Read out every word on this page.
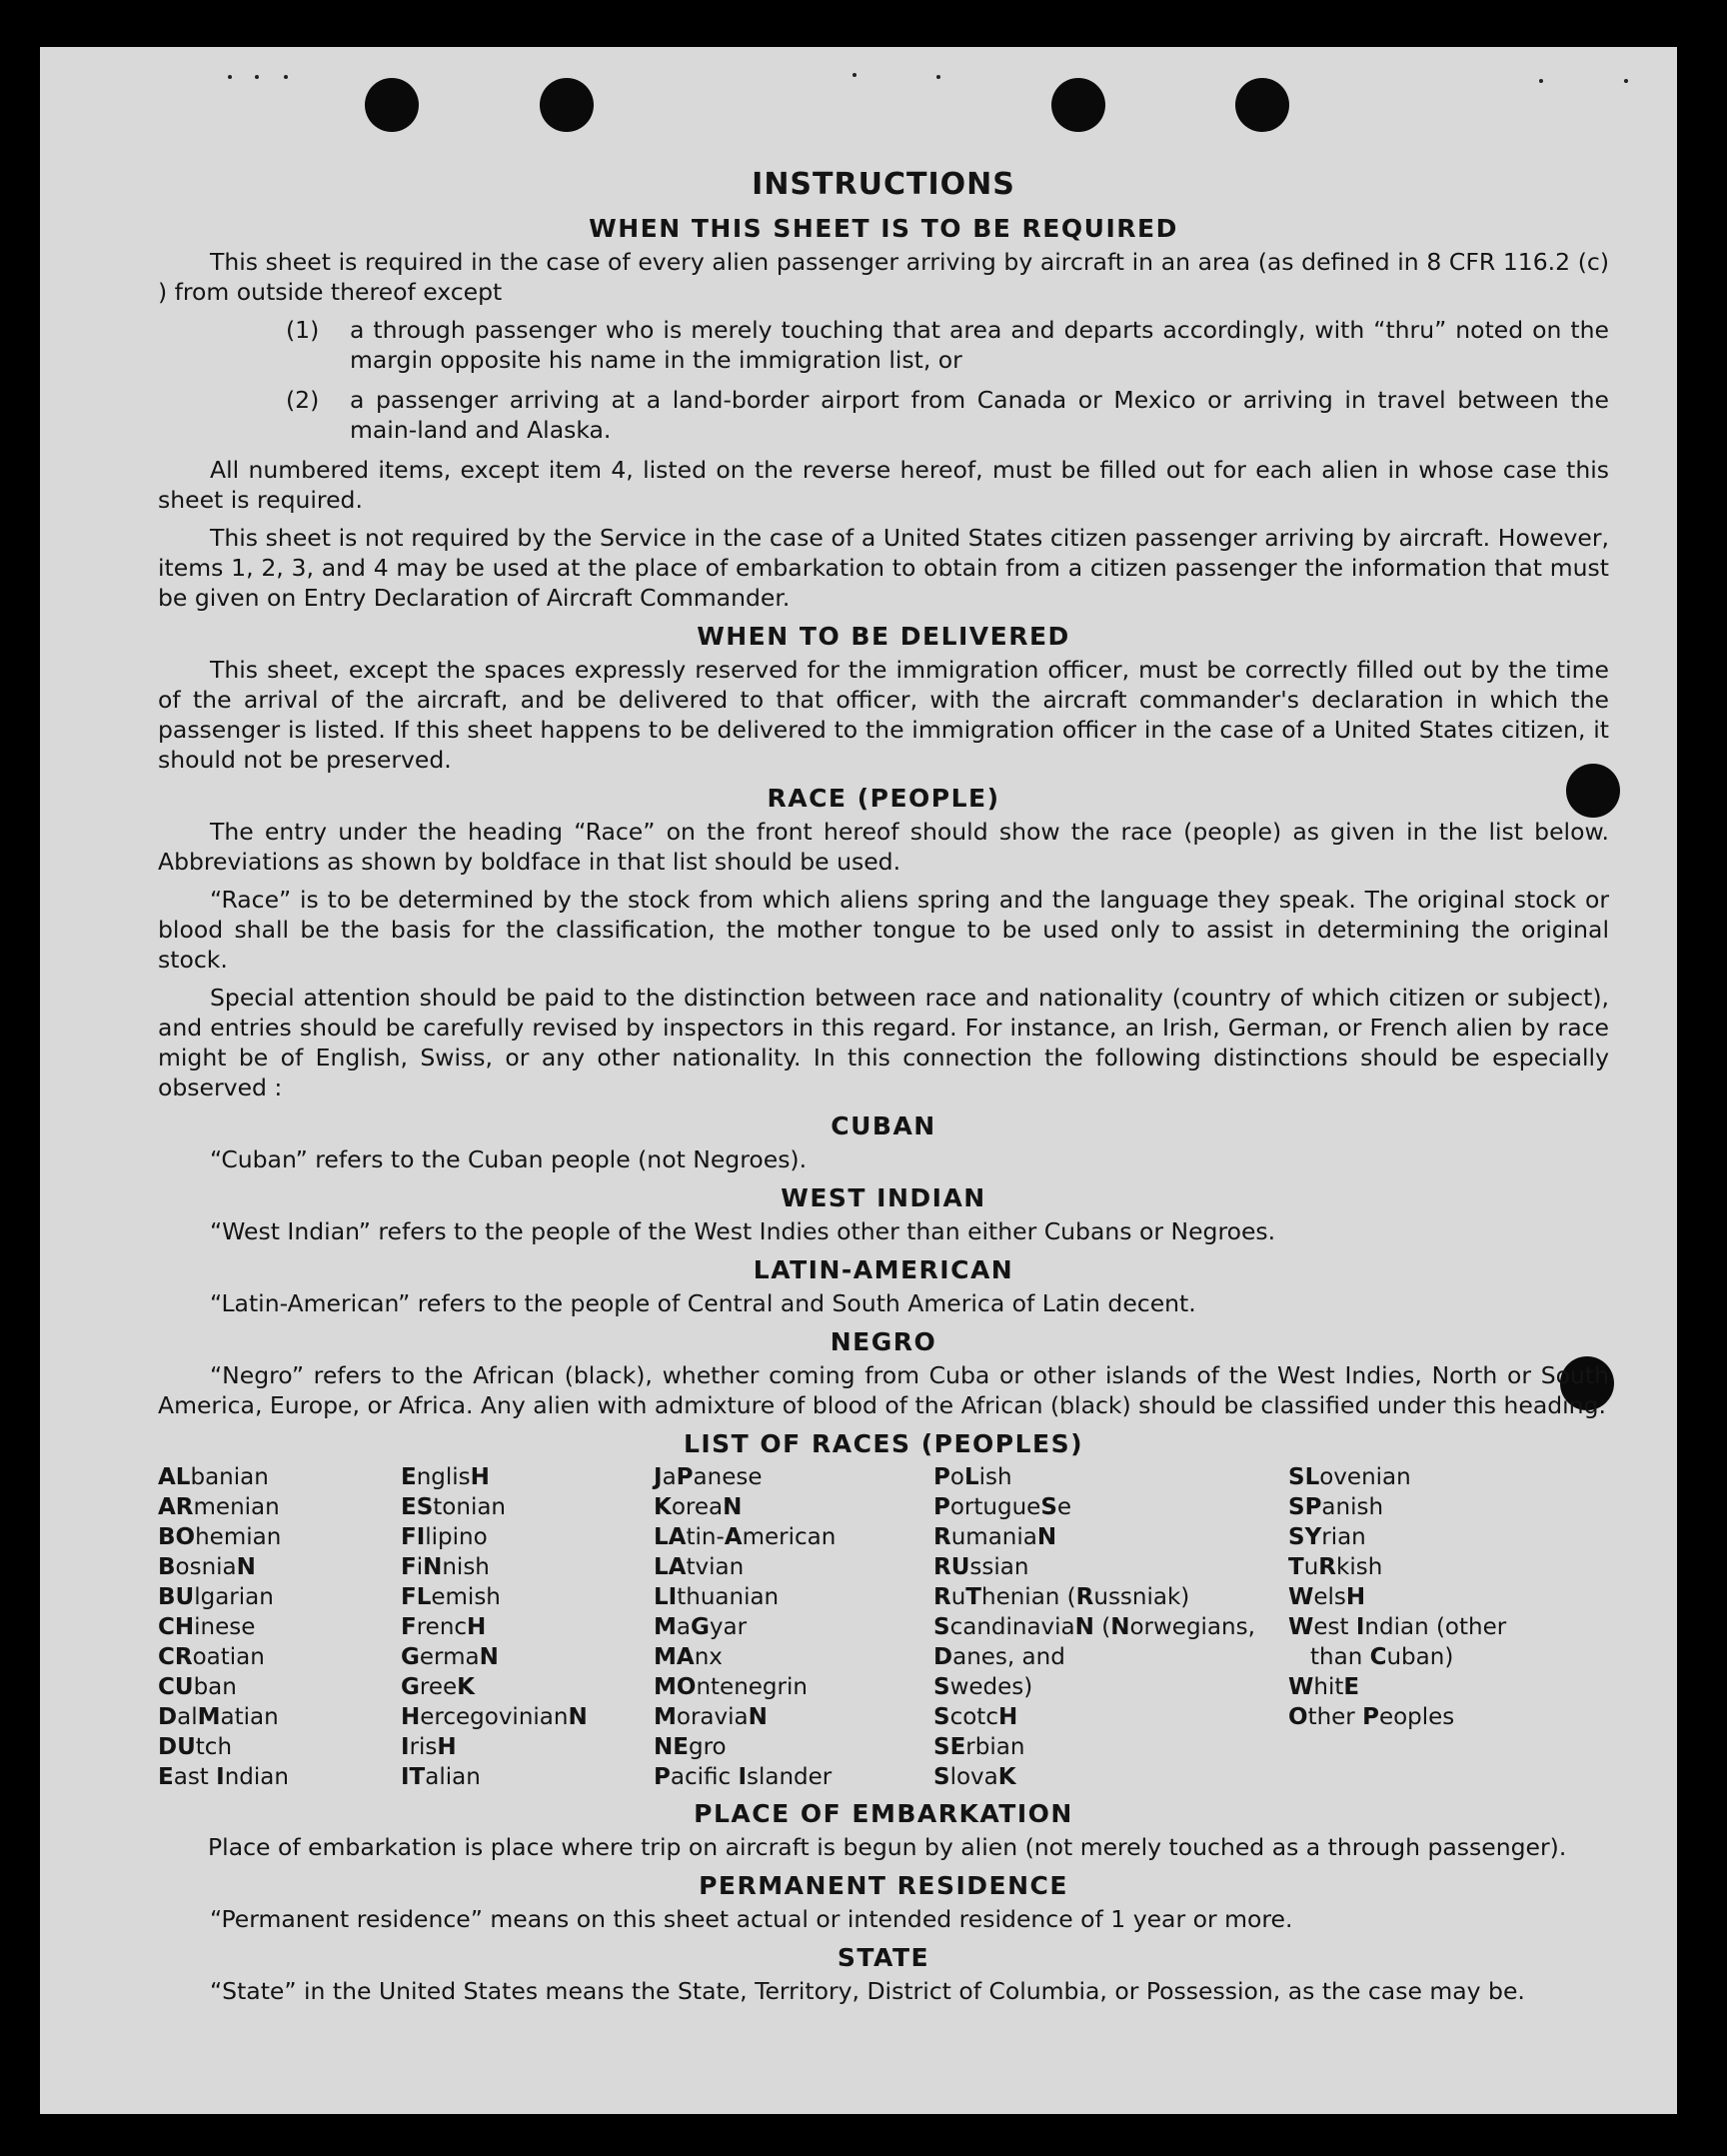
INSTRUCTIONS
WHEN THIS SHEET IS TO BE REQUIRED

This sheet is required in the case of every alien passenger arriving by aircraft in an area (as defined in 8 CFR 116.2 (c) ) from outside thereof except

(1)	a through passenger who is merely touching that area and departs accordingly, with “thru” noted on the margin opposite his name in the immigration list, or
(2)	a passenger arriving at a land-border airport from Canada or Mexico or arriving in travel between the main-land and Alaska.

All numbered items, except item 4, listed on the reverse hereof, must be filled out for each alien in whose case this sheet is required.

This sheet is not required by the Service in the case of a United States citizen passenger arriving by aircraft. However, items 1, 2, 3, and 4 may be used at the place of embarkation to obtain from a citizen passenger the information that must be given on Entry Declaration of Aircraft Commander.

WHEN TO BE DELIVERED

This sheet, except the spaces expressly reserved for the immigration officer, must be correctly filled out by the time of the arrival of the aircraft, and be delivered to that officer, with the aircraft commander's declaration in which the passenger is listed. If this sheet happens to be delivered to the immigration officer in the case of a United States citizen, it should not be preserved.

RACE (PEOPLE)

The entry under the heading “Race” on the front hereof should show the race (people) as given in the list below. Abbreviations as shown by boldface in that list should be used.

“Race” is to be determined by the stock from which aliens spring and the language they speak. The original stock or blood shall be the basis for the classification, the mother tongue to be used only to assist in determining the original stock.

Special attention should be paid to the distinction between race and nationality (country of which citizen or subject), and entries should be carefully revised by inspectors in this regard. For instance, an Irish, German, or French alien by race might be of English, Swiss, or any other nationality. In this connection the following distinctions should be especially observed :

CUBAN

“Cuban” refers to the Cuban people (not Negroes).

WEST INDIAN

“West Indian” refers to the people of the West Indies other than either Cubans or Negroes.

LATIN-AMERICAN

“Latin-American” refers to the people of Central and South America of Latin decent.

NEGRO

“Negro” refers to the African (black), whether coming from Cuba or other islands of the West Indies, North or South America, Europe, or Africa. Any alien with admixture of blood of the African (black) should be classified under this heading.

LIST OF RACES (PEOPLES)
ALbanian
ARmenian
BOhemian
BosniaN
BUlgarian
CHinese
CRoatian
CUban
DalMatian
DUtch
East Indian
EnglisH
EStonian
FIlipino
FiNnish
FLemish
FrencH
GermaN
GreeK
HercegovinianN
IrisH
ITalian
JaPanese
KoreaN
LAtin-American
LAtvian
LIthuanian
MaGyar
MAnx
MOntenegrin
MoraviaN
NEgro
Pacific Islander
PoLish
PortugueSe
RumaniaN
RUssian
RuThenian (Russniak)
ScandinaviaN (Norwegians,
Danes, and
Swedes)
ScotcH
SErbian
SlovaK
SLovenian
SPanish
SYrian
TuRkish
WelsH
West Indian (other
than Cuban)
WhitE
Other Peoples
PLACE OF EMBARKATION

Place of embarkation is place where trip on aircraft is begun by alien (not merely touched as a through passenger).

PERMANENT RESIDENCE

“Permanent residence” means on this sheet actual or intended residence of 1 year or more.

STATE

“State” in the United States means the State, Territory, District of Columbia, or Possession, as the case may be.
